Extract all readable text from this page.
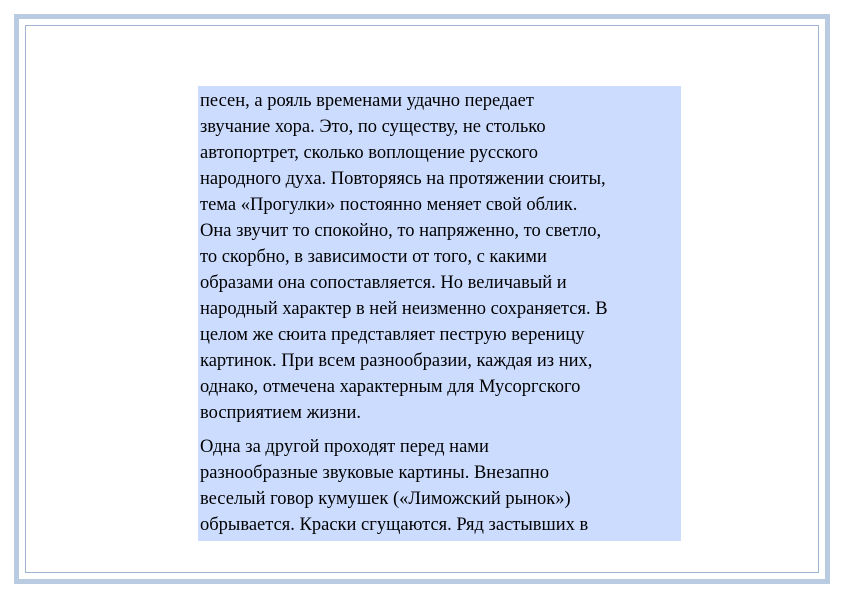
песен, а рояль временами удачно передает
звучание хора. Это, по существу, не столько
автопортрет, сколько воплощение русского
народного духа. Повторяясь на протяжении сюиты,
тема «Прогулки» постоянно меняет свой облик.
Она звучит то спокойно, то напряженно, то светло,
то скорбно, в зависимости от того, с какими
образами она сопоставляется. Но величавый и
народный характер в ней неизменно сохраняется. В
целом же сюита представляет пеструю вереницу
картинок. При всем разнообразии, каждая из них,
однако, отмечена характерным для Мусоргского
восприятием жизни.
Одна за другой проходят перед нами
разнообразные звуковые картины. Внезапно
веселый говор кумушек («Лиможский рынок»)
обрывается. Краски сгущаются. Ряд застывших в
